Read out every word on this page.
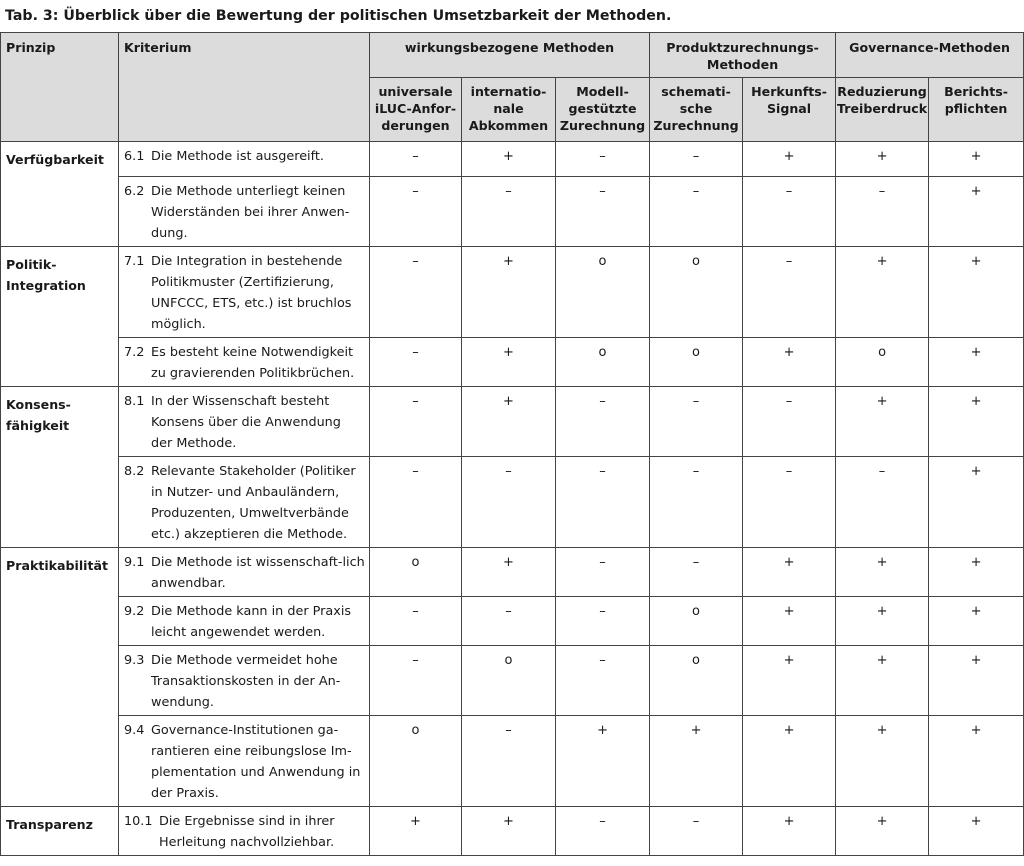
Tab. 3: Überblick über die Bewertung der politischen Umsetzbarkeit der Methoden.
Prinzip	Kriterium	wirkungsbezogene Methoden			Produktzurechnungs-Methoden		Governance-Methoden	
		universale iLUC-Anfor-derungen	internatio-nale Abkommen	Modell-gestützte Zurechnung	schemati-sche Zurechnung	Herkunfts-Signal	Reduzierung Treiberdruck	Berichts-pflichten
Verfügbarkeit	6.1 Die Methode ist ausgereift.	–	+	–	–	+	+	+

	6.2 Die Methode unterliegt keinen Widerständen bei ihrer Anwen-dung.	–	–	–	–	–	–	+
Politik-Integration	7.1 Die Integration in bestehende Politikmuster (Zertifizierung, UNFCCC, ETS, etc.) ist bruchlos möglich.	–	+	o	o	–	+	+

	7.2 Es besteht keine Notwendigkeit zu gravierenden Politikbrüchen.	–	+	o	o	+	o	+
Konsens-fähigkeit	8.1 In der Wissenschaft besteht Konsens über die Anwendung der Methode.	–	+	–	–	–	+	+

	8.2 Relevante Stakeholder (Politiker in Nutzer- und Anbauländern, Produzenten, Umweltverbände etc.) akzeptieren die Methode.	–	–	–	–	–	–	+
Praktikabilität	9.1 Die Methode ist wissenschaft-lich anwendbar.	o	+	–	–	+	+	+

	9.2 Die Methode kann in der Praxis leicht angewendet werden.	–	–	–	o	+	+	+

	9.3 Die Methode vermeidet hohe Transaktionskosten in der An-wendung.	–	o	–	o	+	+	+

	9.4 Governance-Institutionen ga-rantieren eine reibungslose Im-plementation und Anwendung in der Praxis.	o	–	+	+	+	+	+
Transparenz	10.1 Die Ergebnisse sind in ihrer Herleitung nachvollziehbar.	+	+	–	–	+	+	+
